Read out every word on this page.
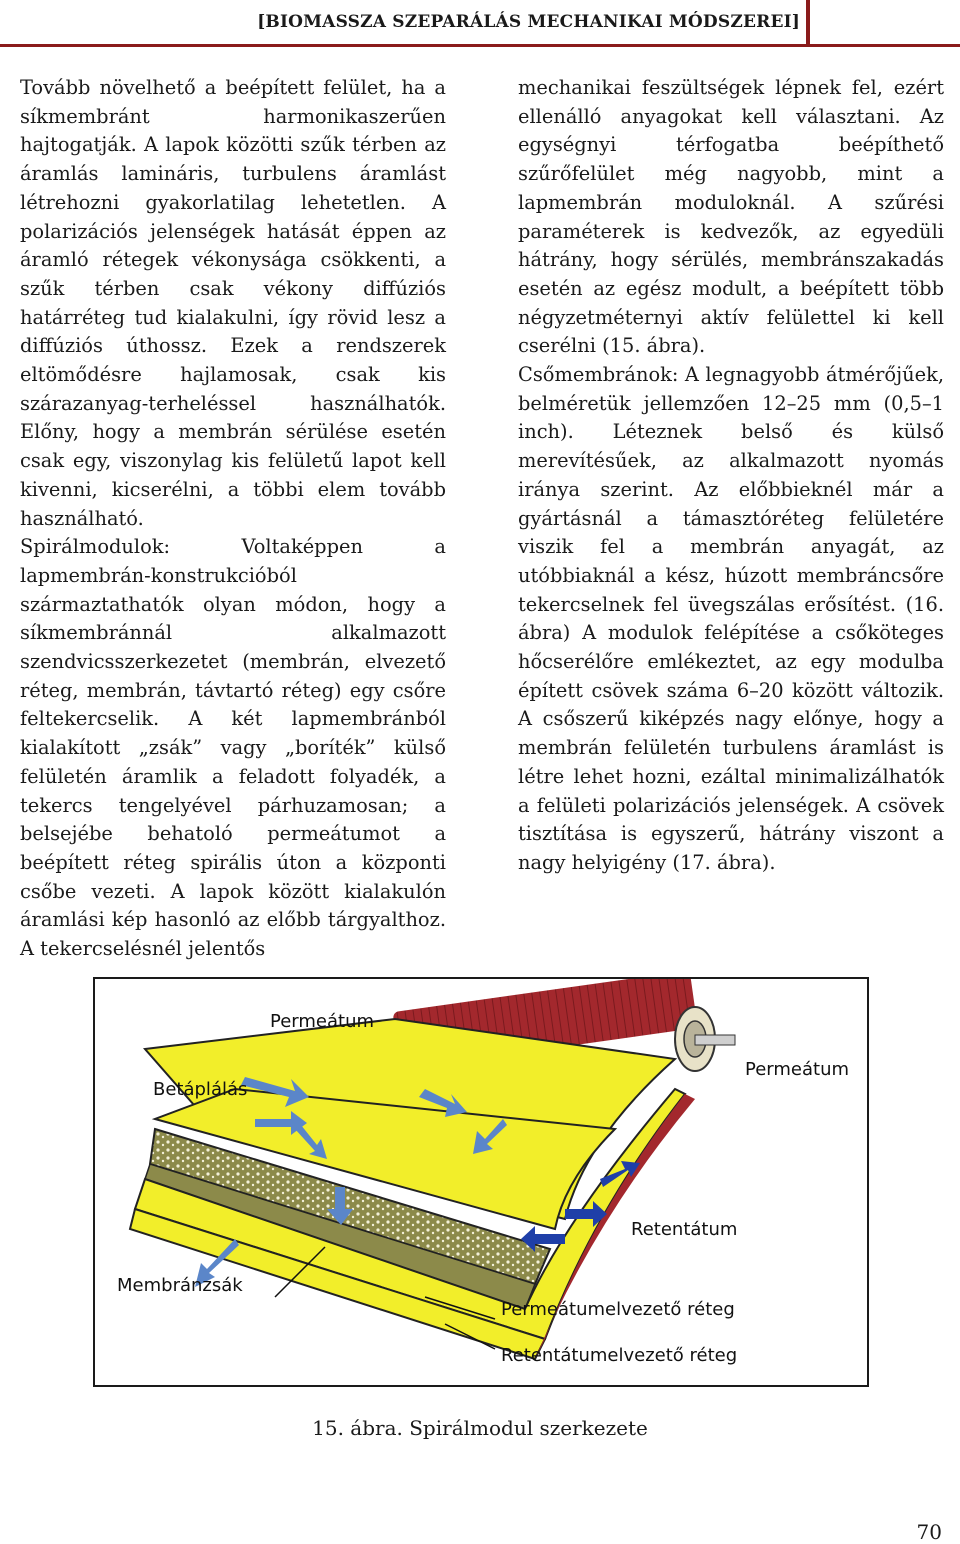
[BIOMASSZA SZEPARÁLÁS MECHANIKAI MÓDSZEREI]

Tovább növelhető a beépített felület, ha a síkmembránt harmonikaszerűen hajtogatják. A lapok közötti szűk térben az áramlás lamináris, turbulens áramlást létrehozni gyakorlatilag lehetetlen. A polarizációs jelenségek hatását éppen az áramló rétegek vékonysága csökkenti, a szűk térben csak vékony diffúziós határréteg tud kialakulni, így rövid lesz a diffúziós úthossz. Ezek a rendszerek eltömődésre hajlamosak, csak kis szárazanyag-terheléssel használhatók. Előny, hogy a membrán sérülése esetén csak egy, viszonylag kis felületű lapot kell kivenni, kicserélni, a többi elem tovább használható.

Spirálmodulok: Voltaképpen a lapmembrán-konstrukcióból származtathatók olyan módon, hogy a síkmembránnál alkalmazott szendvicsszerkezetet (membrán, elvezető réteg, membrán, távtartó réteg) egy csőre feltekercselik. A két lapmembránból kialakított „zsák” vagy „boríték” külső felületén áramlik a feladott folyadék, a tekercs tengelyével párhuzamosan; a belsejébe behatoló permeátumot a beépített réteg spirális úton a központi csőbe vezeti. A lapok között kialakulón áramlási kép hasonló az előbb tárgyalthoz. A tekercselésnél jelentős

mechanikai feszültségek lépnek fel, ezért ellenálló anyagokat kell választani. Az egységnyi térfogatba beépíthető szűrőfelület még nagyobb, mint a lapmembrán moduloknál. A szűrési paraméterek is kedvezők, az egyedüli hátrány, hogy sérülés, membránszakadás esetén az egész modult, a beépített több négyzetméternyi aktív felülettel ki kell cserélni (15. ábra).

Csőmembránok: A legnagyobb átmérőjűek, belméretük jellemzően 12–25 mm (0,5–1 inch). Léteznek belső és külső merevítésűek, az alkalmazott nyomás iránya szerint. Az előbbieknél már a gyártásnál a támasztóréteg felületére viszik fel a membrán anyagát, az utóbbiaknál a kész, húzott membráncsőre tekercselnek fel üvegszálas erősítést. (16. ábra) A modulok felépítése a csőköteges hőcserélőre emlékeztet, az egy modulba épített csövek száma 6–20 között változik. A csőszerű kiképzés nagy előnye, hogy a membrán felületén turbulens áramlást is létre lehet hozni, ezáltal minimalizálhatók a felületi polarizációs jelenségek. A csövek tisztítása is egyszerű, hátrány viszont a nagy helyigény (17. ábra).

Permeátum
Betáplálás
Permeátum
Retentátum
Membránzsák
Permeátumelvezető réteg
Retentátumelvezető réteg
15. ábra. Spirálmodul szerkezete
70
